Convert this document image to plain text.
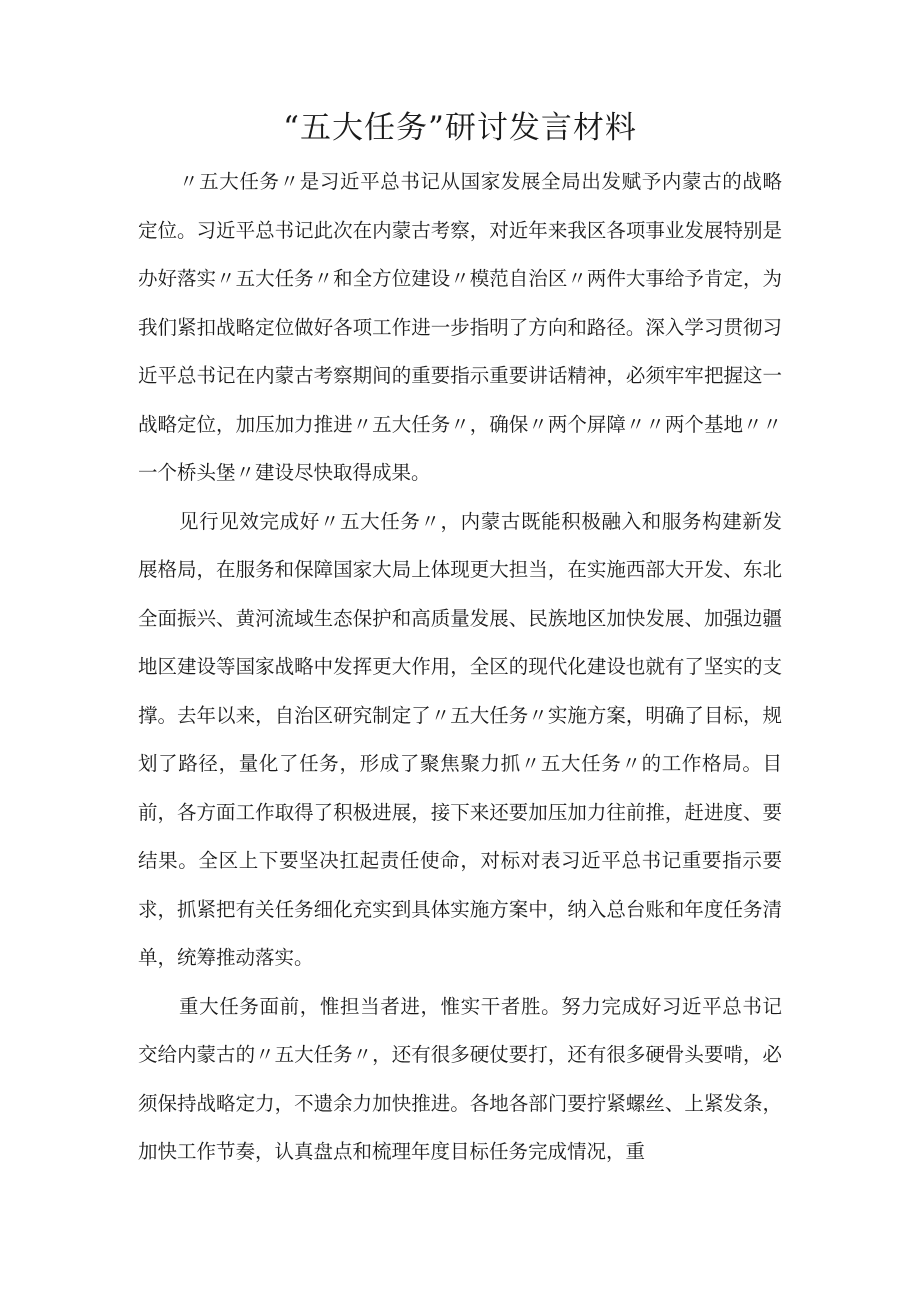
“五大任务”研讨发言材料

〃五大任务〃是习近平总书记从国家发展全局出发赋予内蒙古的战略定位。习近平总书记此次在内蒙古考察，对近年来我区各项事业发展特别是办好落实〃五大任务〃和全方位建设〃模范自治区〃两件大事给予肯定，为我们紧扣战略定位做好各项工作进一步指明了方向和路径。深入学习贯彻习近平总书记在内蒙古考察期间的重要指示重要讲话精神，必须牢牢把握这一战略定位，加压加力推进〃五大任务〃，确保〃两个屏障〃〃两个基地〃〃一个桥头堡〃建设尽快取得成果。

见行见效完成好〃五大任务〃，内蒙古既能积极融入和服务构建新发展格局，在服务和保障国家大局上体现更大担当，在实施西部大开发、东北全面振兴、黄河流域生态保护和高质量发展、民族地区加快发展、加强边疆地区建设等国家战略中发挥更大作用，全区的现代化建设也就有了坚实的支撑。去年以来，自治区研究制定了〃五大任务〃实施方案，明确了目标，规划了路径，量化了任务，形成了聚焦聚力抓〃五大任务〃的工作格局。目前，各方面工作取得了积极进展，接下来还要加压加力往前推，赶进度、要结果。全区上下要坚决扛起责任使命，对标对表习近平总书记重要指示要求，抓紧把有关任务细化充实到具体实施方案中，纳入总台账和年度任务清单，统筹推动落实。

重大任务面前，惟担当者进，惟实干者胜。努力完成好习近平总书记交给内蒙古的〃五大任务〃，还有很多硬仗要打，还有很多硬骨头要啃，必须保持战略定力，不遗余力加快推进。各地各部门要拧紧螺丝、上紧发条，加快工作节奏，认真盘点和梳理年度目标任务完成情况，重
